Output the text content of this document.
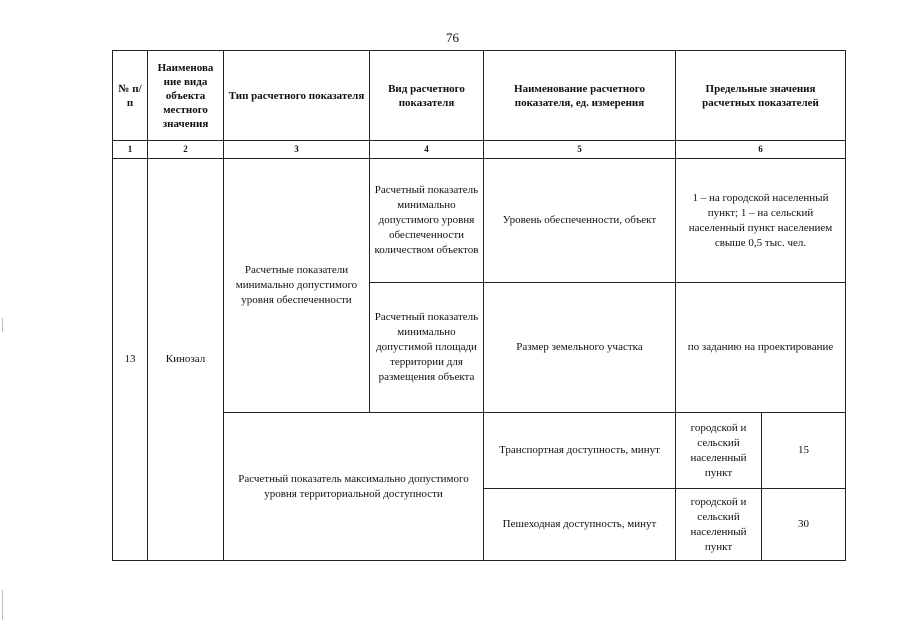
76
№ п/п	Наименова ние вида объекта местного значения	Тип расчетного показателя	Вид расчетного показателя	Наименование расчетного показателя, ед. измерения	Предельные значения расчетных показателей	
1	2	3	4	5	6	
13	Кинозал	Расчетные показатели минимально допустимого уровня обеспеченности	Расчетный показатель минимально допустимого уровня обеспеченности количеством объектов	Уровень обеспеченности, объект	1 – на городской населенный пункт; 1 – на сельский населенный пункт населением свыше 0,5 тыс. чел.	
			Расчетный показатель минимально допустимой площади территории для размещения объекта	Размер земельного участка	по заданию на проектирование	
		Расчетный показатель максимально допустимого уровня территориальной доступности		Транспортная доступность, минут	городской и сельский населенный пункт	15
				Пешеходная доступность, минут	городской и сельский населенный пункт	30
